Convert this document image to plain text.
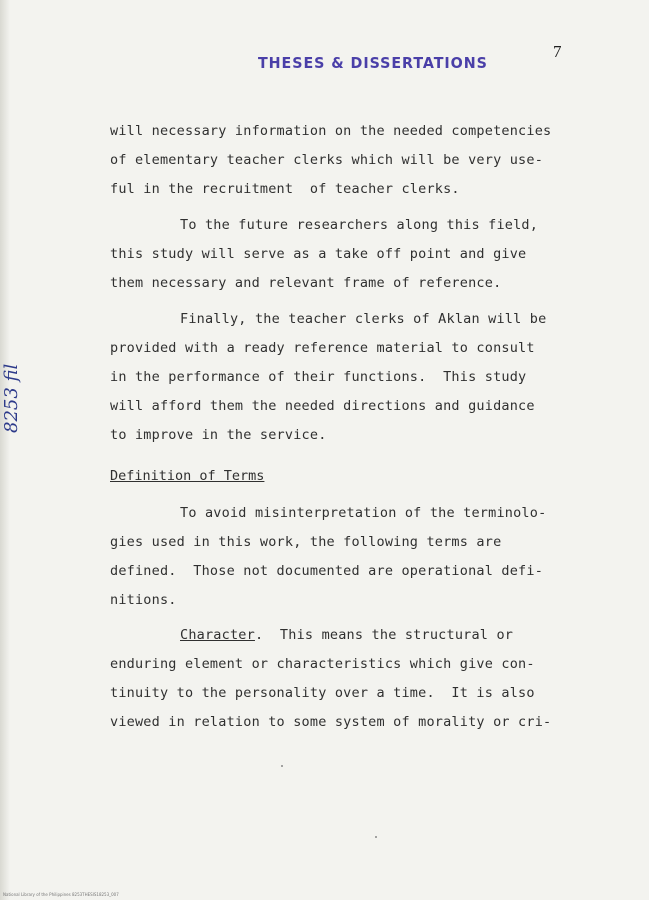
THESES & DISSERTATIONS
7
8253 fil
will necessary information on the needed competencies
of elementary teacher clerks which will be very use-
ful in the recruitment  of teacher clerks.
To the future researchers along this field,
this study will serve as a take off point and give
them necessary and relevant frame of reference.
Finally, the teacher clerks of Aklan will be
provided with a ready reference material to consult
in the performance of their functions.  This study
will afford them the needed directions and guidance
to improve in the service.
Definition of Terms
To avoid misinterpretation of the terminolo-
gies used in this work, the following terms are
defined.  Those not documented are operational defi-
nitions.
Character.  This means the structural or
enduring element or characteristics which give con-
tinuity to the personality over a time.  It is also
viewed in relation to some system of morality or cri-
National Library of the Philippines 8253THESIS18253_007
